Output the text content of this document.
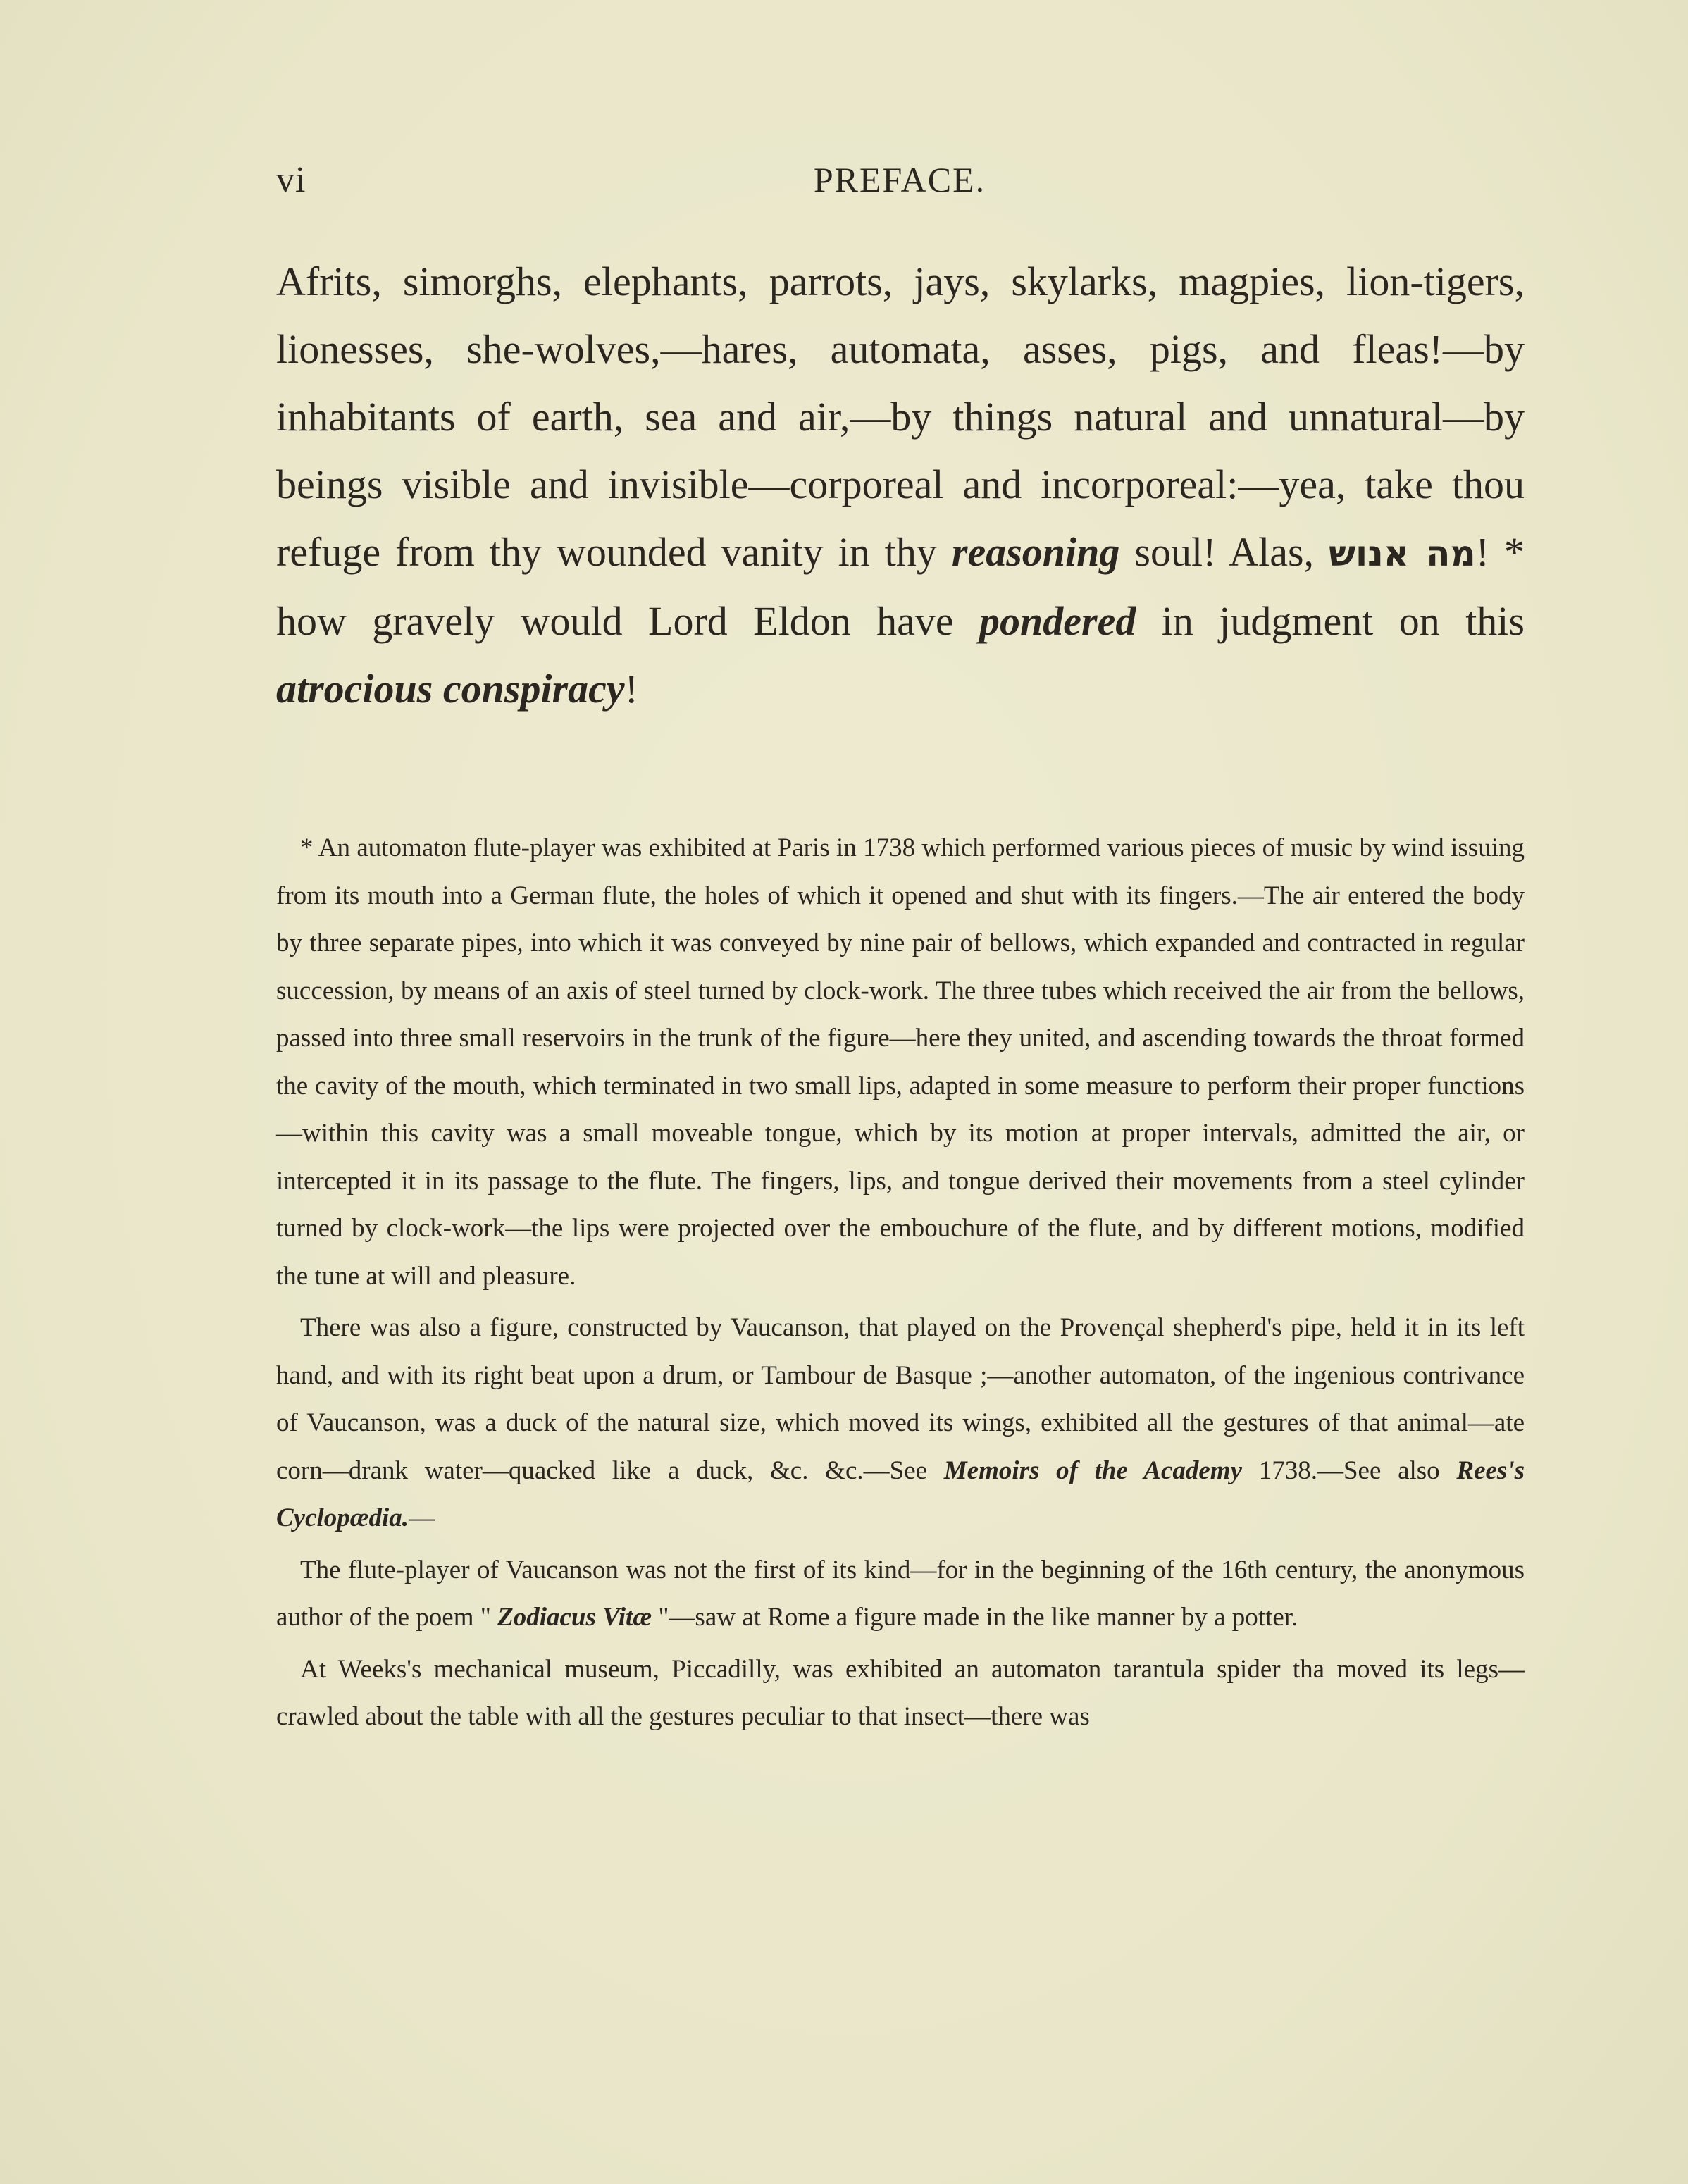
vi	PREFACE.

Afrits, simorghs, elephants, parrots, jays, skylarks, magpies, lion-tigers, lionesses, she-wolves,—hares, automata, asses, pigs, and fleas!—by inhabitants of earth, sea and air,—by things natural and unnatural—by beings visible and invisible—corporeal and incorporeal:—yea, take thou refuge from thy wounded vanity in thy reasoning soul! Alas, מה אנוש! * how gravely would Lord Eldon have pondered in judgment on this atrocious conspiracy!

* An automaton flute-player was exhibited at Paris in 1738 which performed various pieces of music by wind issuing from its mouth into a German flute, the holes of which it opened and shut with its fingers.—The air entered the body by three separate pipes, into which it was conveyed by nine pair of bellows, which expanded and contracted in regular succession, by means of an axis of steel turned by clock-work. The three tubes which received the air from the bellows, passed into three small reservoirs in the trunk of the figure—here they united, and ascending towards the throat formed the cavity of the mouth, which terminated in two small lips, adapted in some measure to perform their proper functions—within this cavity was a small moveable tongue, which by its motion at proper intervals, admitted the air, or intercepted it in its passage to the flute. The fingers, lips, and tongue derived their movements from a steel cylinder turned by clock-work—the lips were projected over the embouchure of the flute, and by different motions, modified the tune at will and pleasure.

There was also a figure, constructed by Vaucanson, that played on the Provençal shepherd's pipe, held it in its left hand, and with its right beat upon a drum, or Tambour de Basque ;—another automaton, of the ingenious contrivance of Vaucanson, was a duck of the natural size, which moved its wings, exhibited all the gestures of that animal—ate corn—drank water—quacked like a duck, &c. &c.—See Memoirs of the Academy 1738.—See also Rees's Cyclopædia.—

The flute-player of Vaucanson was not the first of its kind—for in the beginning of the 16th century, the anonymous author of the poem " Zodiacus Vitæ "—saw at Rome a figure made in the like manner by a potter.

At Weeks's mechanical museum, Piccadilly, was exhibited an automaton tarantula spider tha moved its legs—crawled about the table with all the gestures peculiar to that insect—there was
